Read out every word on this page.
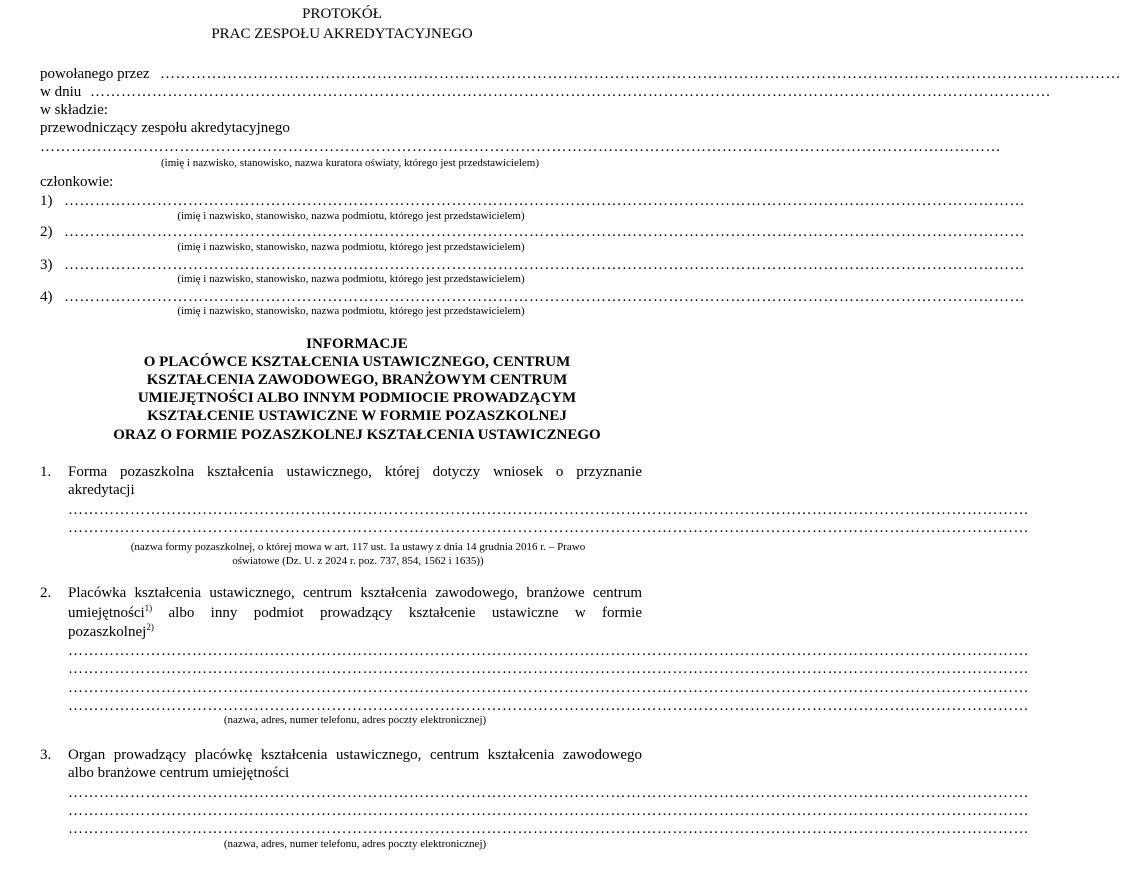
PROTOKÓŁ
PRAC ZESPOŁU AKREDYTACYJNEGO
powołanego przez ……………………………………………………………………………………………………………………………………………………………………
w dniu ……………………………………………………………………………………………………………………………………………………………………
w składzie:
przewodniczący zespołu akredytacyjnego
……………………………………………………………………………………………………………………………………………………………………
(imię i nazwisko, stanowisko, nazwa kuratora oświaty, którego jest przedstawicielem)
członkowie:
1) ……………………………………………………………………………………………………………………………………………………………………
(imię i nazwisko, stanowisko, nazwa podmiotu, którego jest przedstawicielem)
2) ……………………………………………………………………………………………………………………………………………………………………
(imię i nazwisko, stanowisko, nazwa podmiotu, którego jest przedstawicielem)
3) ……………………………………………………………………………………………………………………………………………………………………
(imię i nazwisko, stanowisko, nazwa podmiotu, którego jest przedstawicielem)
4) ……………………………………………………………………………………………………………………………………………………………………
(imię i nazwisko, stanowisko, nazwa podmiotu, którego jest przedstawicielem)
INFORMACJE
O PLACÓWCE KSZTAŁCENIA USTAWICZNEGO, CENTRUM
KSZTAŁCENIA ZAWODOWEGO, BRANŻOWYM CENTRUM
UMIEJĘTNOŚCI ALBO INNYM PODMIOCIE PROWADZĄCYM
KSZTAŁCENIE USTAWICZNE W FORMIE POZASZKOLNEJ
ORAZ O FORMIE POZASZKOLNEJ KSZTAŁCENIA USTAWICZNEGO
1. Forma pozaszkolna kształcenia ustawicznego, której dotyczy wniosek o przyznanie
akredytacji
……………………………………………………………………………………………………………………………………………………………………
……………………………………………………………………………………………………………………………………………………………………
(nazwa formy pozaszkolnej, o której mowa w art. 117 ust. 1a ustawy z dnia 14 grudnia 2016 r. – Prawo
oświatowe (Dz. U. z 2024 r. poz. 737, 854, 1562 i 1635))
2. Placówka kształcenia ustawicznego, centrum kształcenia zawodowego, branżowe centrum
umiejętności$^{1)}$ albo inny podmiot prowadzący kształcenie ustawiczne w formie
pozaszkolnej$^{2)}$
……………………………………………………………………………………………………………………………………………………………………
……………………………………………………………………………………………………………………………………………………………………
……………………………………………………………………………………………………………………………………………………………………
……………………………………………………………………………………………………………………………………………………………………
(nazwa, adres, numer telefonu, adres poczty elektronicznej)
3. Organ prowadzący placówkę kształcenia ustawicznego, centrum kształcenia zawodowego
albo branżowe centrum umiejętności
……………………………………………………………………………………………………………………………………………………………………
……………………………………………………………………………………………………………………………………………………………………
……………………………………………………………………………………………………………………………………………………………………
(nazwa, adres, numer telefonu, adres poczty elektronicznej)
